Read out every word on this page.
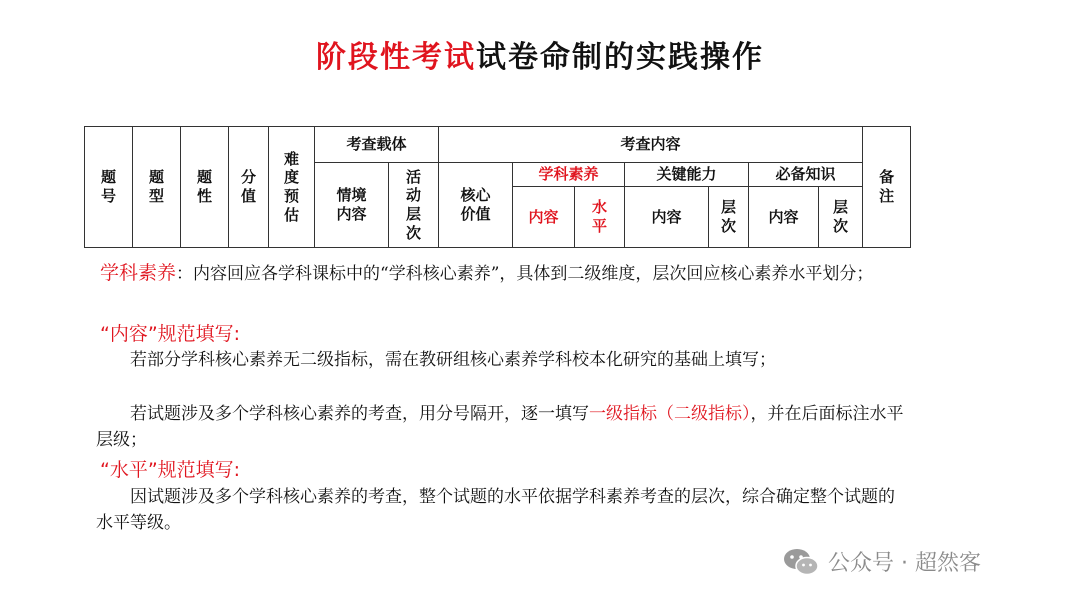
阶段性考试试卷命制的实践操作
题号	题型	题性	分值	难度预估	考查载体		考查内容							备注
					情境内容	活动层次	核心价值	学科素养		关键能力		必备知识		
								内容	水平	内容	层次	内容	层次	
学科素养：内容回应各学科课标中的“学科核心素养”，具体到二级维度，层次回应核心素养水平划分；
“内容”规范填写:
若部分学科核心素养无二级指标，需在教研组核心素养学科校本化研究的基础上填写；
若试题涉及多个学科核心素养的考查，用分号隔开，逐一填写一级指标（二级指标），并在后面标注水平层级；
“水平”规范填写:
因试题涉及多个学科核心素养的考查，整个试题的水平依据学科素养考查的层次，综合确定整个试题的水平等级。
公众号 · 超然客
